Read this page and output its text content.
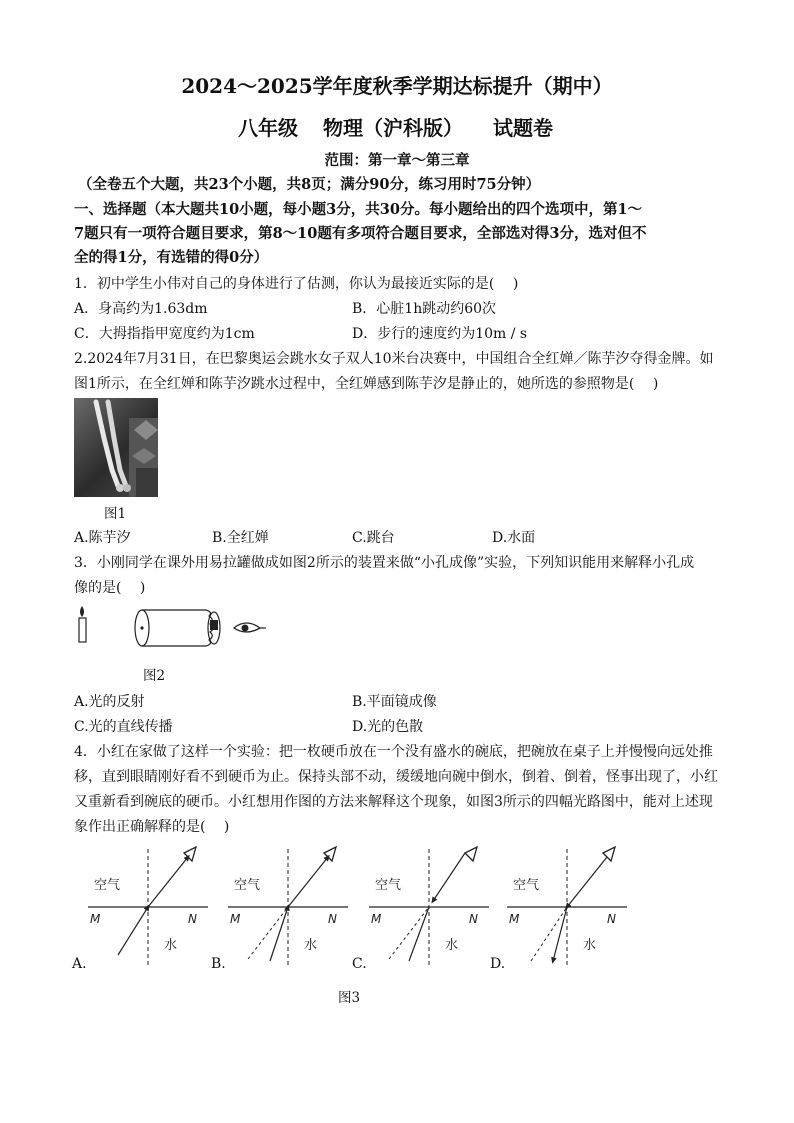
2024～2025学年度秋季学期达标提升（期中）
八年级 物理（沪科版） 试题卷
范围：第一章～第三章
（全卷五个大题，共23个小题，共8页；满分90分，练习用时75分钟）
一、选择题（本大题共10小题，每小题3分，共30分。每小题给出的四个选项中，第1～
7题只有一项符合题目要求，第8～10题有多项符合题目要求，全部选对得3分，选对但不
全的得1分，有选错的得0分）
1．初中学生小伟对自己的身体进行了估测，你认为最接近实际的是(　 )
A．身高约为1.63dm	B．心脏1h跳动约60次
C．大拇指指甲宽度约为1cm	D．步行的速度约为10m / s
2.2024年7月31日，在巴黎奥运会跳水女子双人10米台决赛中，中国组合全红婵／陈芋汐夺得金牌。如
图1所示，在全红婵和陈芋汐跳水过程中，全红婵感到陈芋汐是静止的，她所选的参照物是(　 )
图1
A.陈芋汐	B.全红婵	C.跳台	D.水面
3．小刚同学在课外用易拉罐做成如图2所示的装置来做“小孔成像”实验，下列知识能用来解释小孔成
像的是(　 )
图2
A.光的反射	B.平面镜成像
C.光的直线传播	D.光的色散
4．小红在家做了这样一个实验：把一枚硬币放在一个没有盛水的碗底，把碗放在桌子上并慢慢向远处推
移，直到眼睛刚好看不到硬币为止。保持头部不动，缓缓地向碗中倒水，倒着、倒着，怪事出现了，小红
又重新看到碗底的硬币。小红想用作图的方法来解释这个现象，如图3所示的四幅光路图中，能对上述现
象作出正确解释的是(　 )
空气
水
M	N
空气
水
M	N
空气
水
M	N
空气
水
M	N
A.	B.	C.	D.
图3
